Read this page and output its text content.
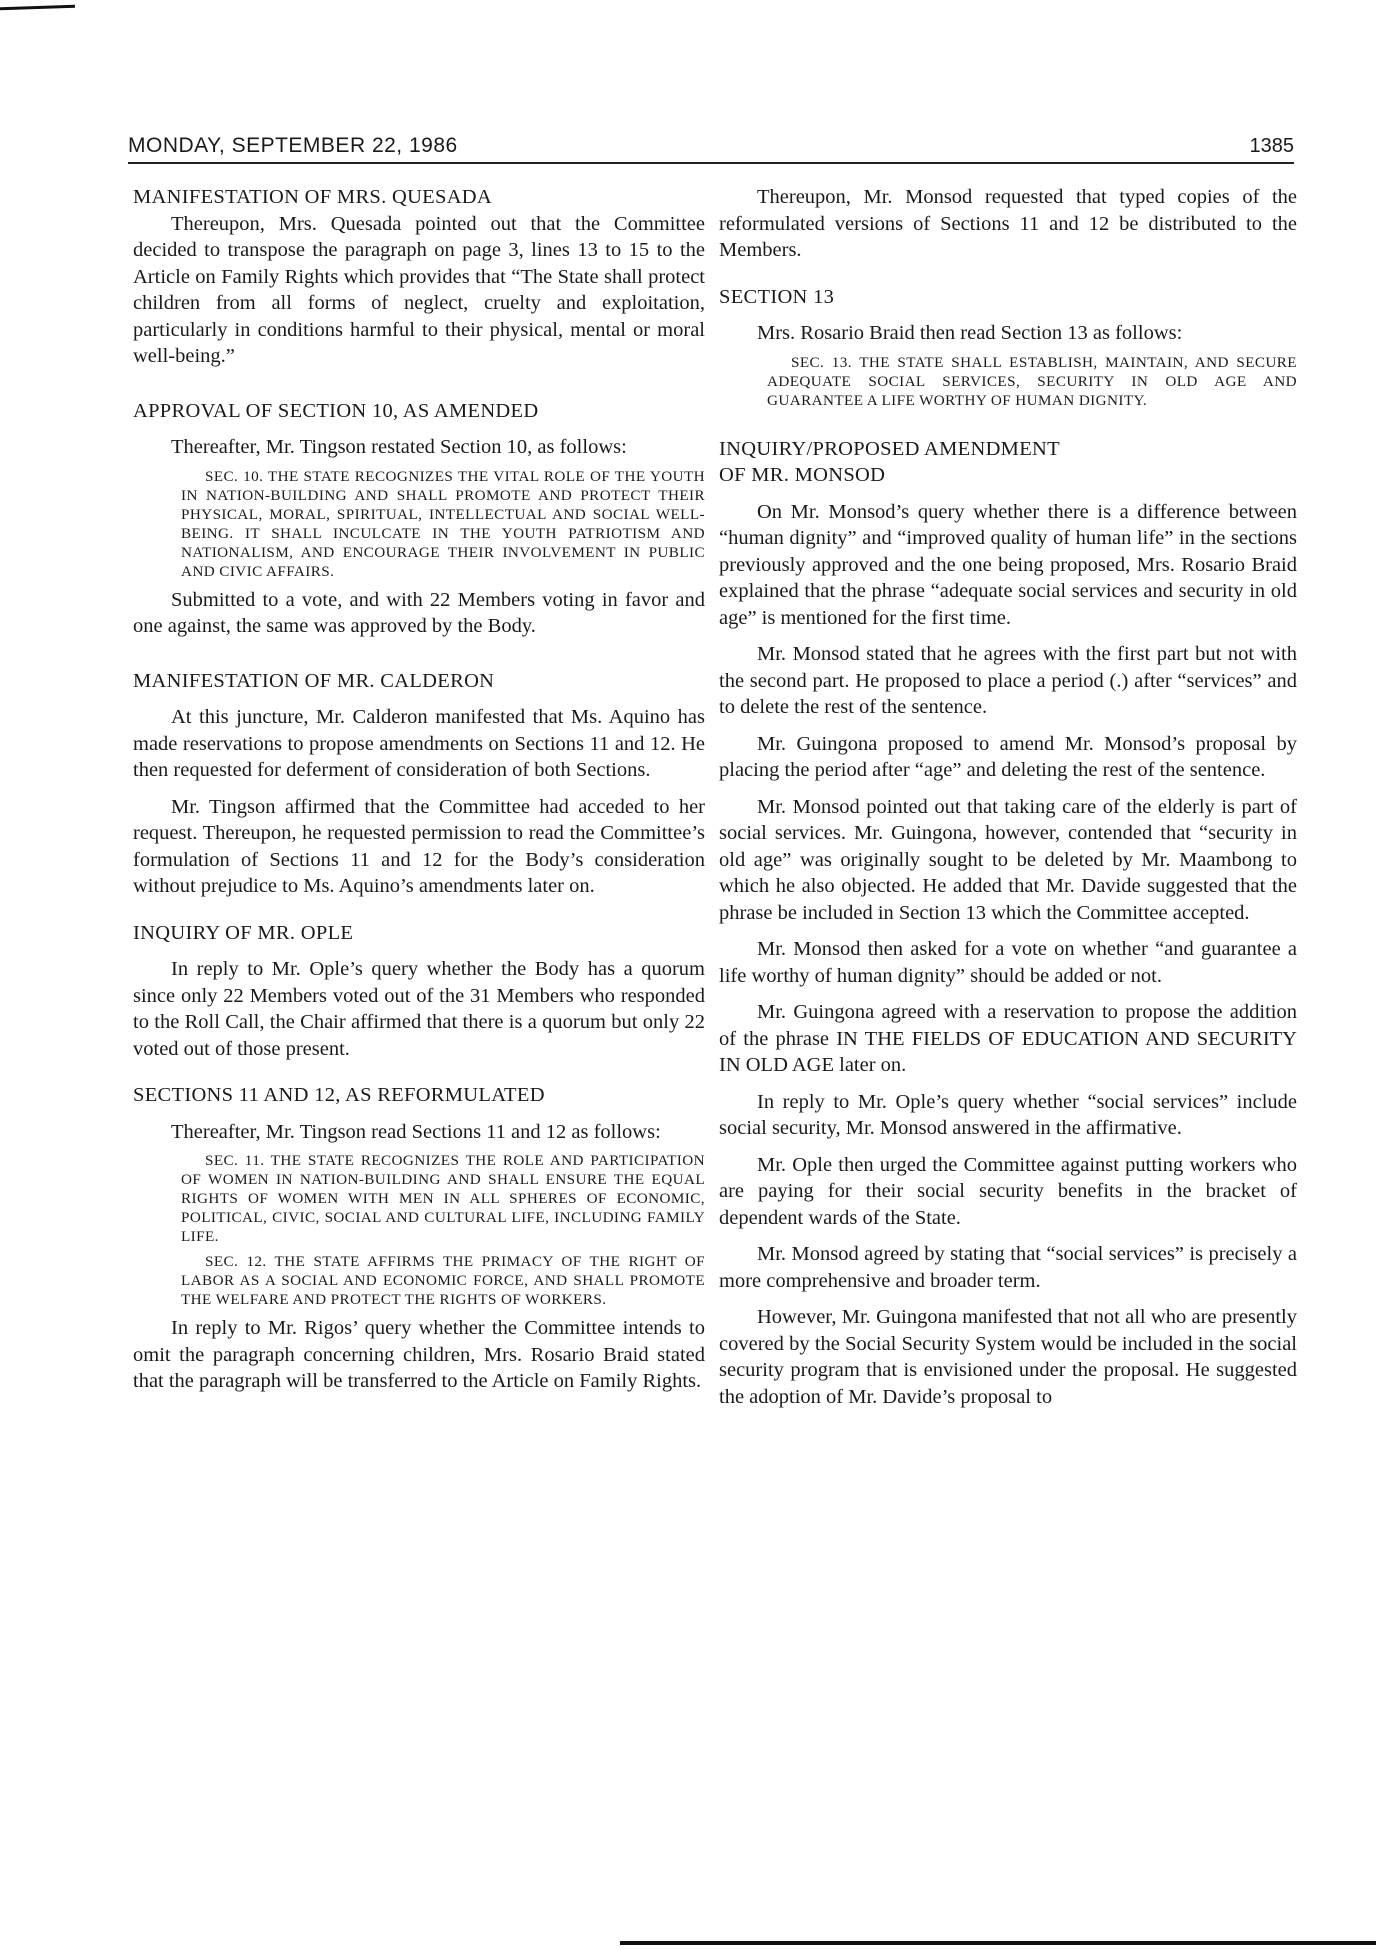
MONDAY, SEPTEMBER 22, 1986	1385
MANIFESTATION OF MRS. QUESADA

Thereupon, Mrs. Quesada pointed out that the Committee decided to transpose the paragraph on page 3, lines 13 to 15 to the Article on Family Rights which provides that “The State shall protect children from all forms of neglect, cruelty and exploitation, particularly in conditions harmful to their physical, mental or moral well-being.”

APPROVAL OF SECTION 10, AS AMENDED

Thereafter, Mr. Tingson restated Section 10, as follows:

SEC. 10. THE STATE RECOGNIZES THE VITAL ROLE OF THE YOUTH IN NATION-BUILDING AND SHALL PROMOTE AND PROTECT THEIR PHYSICAL, MORAL, SPIRITUAL, INTELLECTUAL AND SOCIAL WELL-BEING. IT SHALL INCULCATE IN THE YOUTH PATRIOTISM AND NATIONALISM, AND ENCOURAGE THEIR INVOLVEMENT IN PUBLIC AND CIVIC AFFAIRS.

Submitted to a vote, and with 22 Members voting in favor and one against, the same was approved by the Body.

MANIFESTATION OF MR. CALDERON

At this juncture, Mr. Calderon manifested that Ms. Aquino has made reservations to propose amendments on Sections 11 and 12. He then requested for deferment of consideration of both Sections.

Mr. Tingson affirmed that the Committee had acceded to her request. Thereupon, he requested permission to read the Committee’s formulation of Sections 11 and 12 for the Body’s consideration without prejudice to Ms. Aquino’s amendments later on.

INQUIRY OF MR. OPLE

In reply to Mr. Ople’s query whether the Body has a quorum since only 22 Members voted out of the 31 Members who responded to the Roll Call, the Chair affirmed that there is a quorum but only 22 voted out of those present.

SECTIONS 11 AND 12, AS REFORMULATED

Thereafter, Mr. Tingson read Sections 11 and 12 as follows:

SEC. 11. THE STATE RECOGNIZES THE ROLE AND PARTICIPATION OF WOMEN IN NATION-BUILDING AND SHALL ENSURE THE EQUAL RIGHTS OF WOMEN WITH MEN IN ALL SPHERES OF ECONOMIC, POLITICAL, CIVIC, SOCIAL AND CULTURAL LIFE, INCLUDING FAMILY LIFE.
SEC. 12. THE STATE AFFIRMS THE PRIMACY OF THE RIGHT OF LABOR AS A SOCIAL AND ECONOMIC FORCE, AND SHALL PROMOTE THE WELFARE AND PROTECT THE RIGHTS OF WORKERS.

In reply to Mr. Rigos’ query whether the Committee intends to omit the paragraph concerning children, Mrs. Rosario Braid stated that the paragraph will be transferred to the Article on Family Rights.

Thereupon, Mr. Monsod requested that typed copies of the reformulated versions of Sections 11 and 12 be distributed to the Members.

SECTION 13

Mrs. Rosario Braid then read Section 13 as follows:

SEC. 13. THE STATE SHALL ESTABLISH, MAINTAIN, AND SECURE ADEQUATE SOCIAL SERVICES, SECURITY IN OLD AGE AND GUARANTEE A LIFE WORTHY OF HUMAN DIGNITY.
INQUIRY/PROPOSED AMENDMENT
OF MR. MONSOD

On Mr. Monsod’s query whether there is a difference between “human dignity” and “improved quality of human life” in the sections previously approved and the one being proposed, Mrs. Rosario Braid explained that the phrase “adequate social services and security in old age” is mentioned for the first time.

Mr. Monsod stated that he agrees with the first part but not with the second part. He proposed to place a period (.) after “services” and to delete the rest of the sentence.

Mr. Guingona proposed to amend Mr. Monsod’s proposal by placing the period after “age” and deleting the rest of the sentence.

Mr. Monsod pointed out that taking care of the elderly is part of social services. Mr. Guingona, however, contended that “security in old age” was originally sought to be deleted by Mr. Maambong to which he also objected. He added that Mr. Davide suggested that the phrase be included in Section 13 which the Committee accepted.

Mr. Monsod then asked for a vote on whether “and guarantee a life worthy of human dignity” should be added or not.

Mr. Guingona agreed with a reservation to propose the addition of the phrase IN THE FIELDS OF EDUCATION AND SECURITY IN OLD AGE later on.

In reply to Mr. Ople’s query whether “social services” include social security, Mr. Monsod answered in the affirmative.

Mr. Ople then urged the Committee against putting workers who are paying for their social security benefits in the bracket of dependent wards of the State.

Mr. Monsod agreed by stating that “social services” is precisely a more comprehensive and broader term.

However, Mr. Guingona manifested that not all who are presently covered by the Social Security System would be included in the social security program that is envisioned under the proposal. He suggested the adoption of Mr. Davide’s proposal to
